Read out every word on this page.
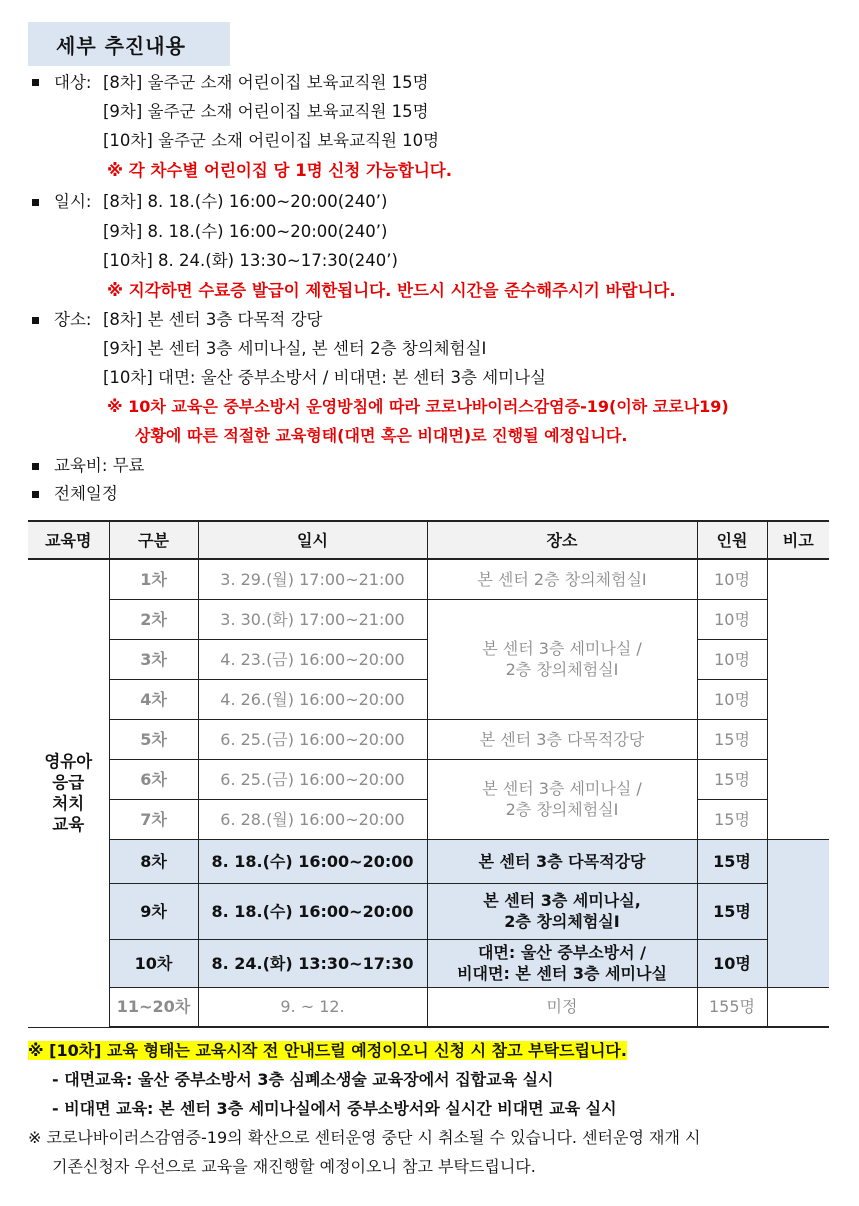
세부 추진내용
대상: [8차] 울주군 소재 어린이집 보육교직원 15명
[9차] 울주군 소재 어린이집 보육교직원 15명
[10차] 울주군 소재 어린이집 보육교직원 10명
※ 각 차수별 어린이집 당 1명 신청 가능합니다.
일시: [8차] 8. 18.(수) 16:00~20:00(240’)
[9차] 8. 18.(수) 16:00~20:00(240’)
[10차] 8. 24.(화) 13:30~17:30(240’)
※ 지각하면 수료증 발급이 제한됩니다. 반드시 시간을 준수해주시기 바랍니다.
장소: [8차] 본 센터 3층 다목적 강당
[9차] 본 센터 3층 세미나실, 본 센터 2층 창의체험실Ⅰ
[10차] 대면: 울산 중부소방서 / 비대면: 본 센터 3층 세미나실
※ 10차 교육은 중부소방서 운영방침에 따라 코로나바이러스감염증-19(이하 코로나19)
상황에 따른 적절한 교육형태(대면 혹은 비대면)로 진행될 예정입니다.
교육비: 무료
전체일정
교육명	구분	일시	장소	인원	비고

영유아
응급
처치
교육	1차	3. 29.(월) 17:00~21:00	본 센터 2층 창의체험실Ⅰ	10명	
	2차	3. 30.(화) 17:00~21:00	본 센터 3층 세미나실 /
2층 창의체험실Ⅰ	10명	
	3차	4. 23.(금) 16:00~20:00		10명	
	4차	4. 26.(월) 16:00~20:00		10명	
	5차	6. 25.(금) 16:00~20:00	본 센터 3층 다목적강당	15명	
	6차	6. 25.(금) 16:00~20:00	본 센터 3층 세미나실 /
2층 창의체험실Ⅰ	15명	
	7차	6. 28.(월) 16:00~20:00		15명	
	8차	8. 18.(수) 16:00~20:00	본 센터 3층 다목적강당	15명	
	9차	8. 18.(수) 16:00~20:00	본 센터 3층 세미나실,
2층 창의체험실Ⅰ	15명	
	10차	8. 24.(화) 13:30~17:30	대면: 울산 중부소방서 /
비대면: 본 센터 3층 세미나실	10명	
	11~20차	9. ~ 12.	미정	155명	
※ [10차] 교육 형태는 교육시작 전 안내드릴 예정이오니 신청 시 참고 부탁드립니다.
- 대면교육: 울산 중부소방서 3층 심폐소생술 교육장에서 집합교육 실시
- 비대면 교육: 본 센터 3층 세미나실에서 중부소방서와 실시간 비대면 교육 실시
※ 코로나바이러스감염증-19의 확산으로 센터운영 중단 시 취소될 수 있습니다. 센터운영 재개 시
기존신청자 우선으로 교육을 재진행할 예정이오니 참고 부탁드립니다.
